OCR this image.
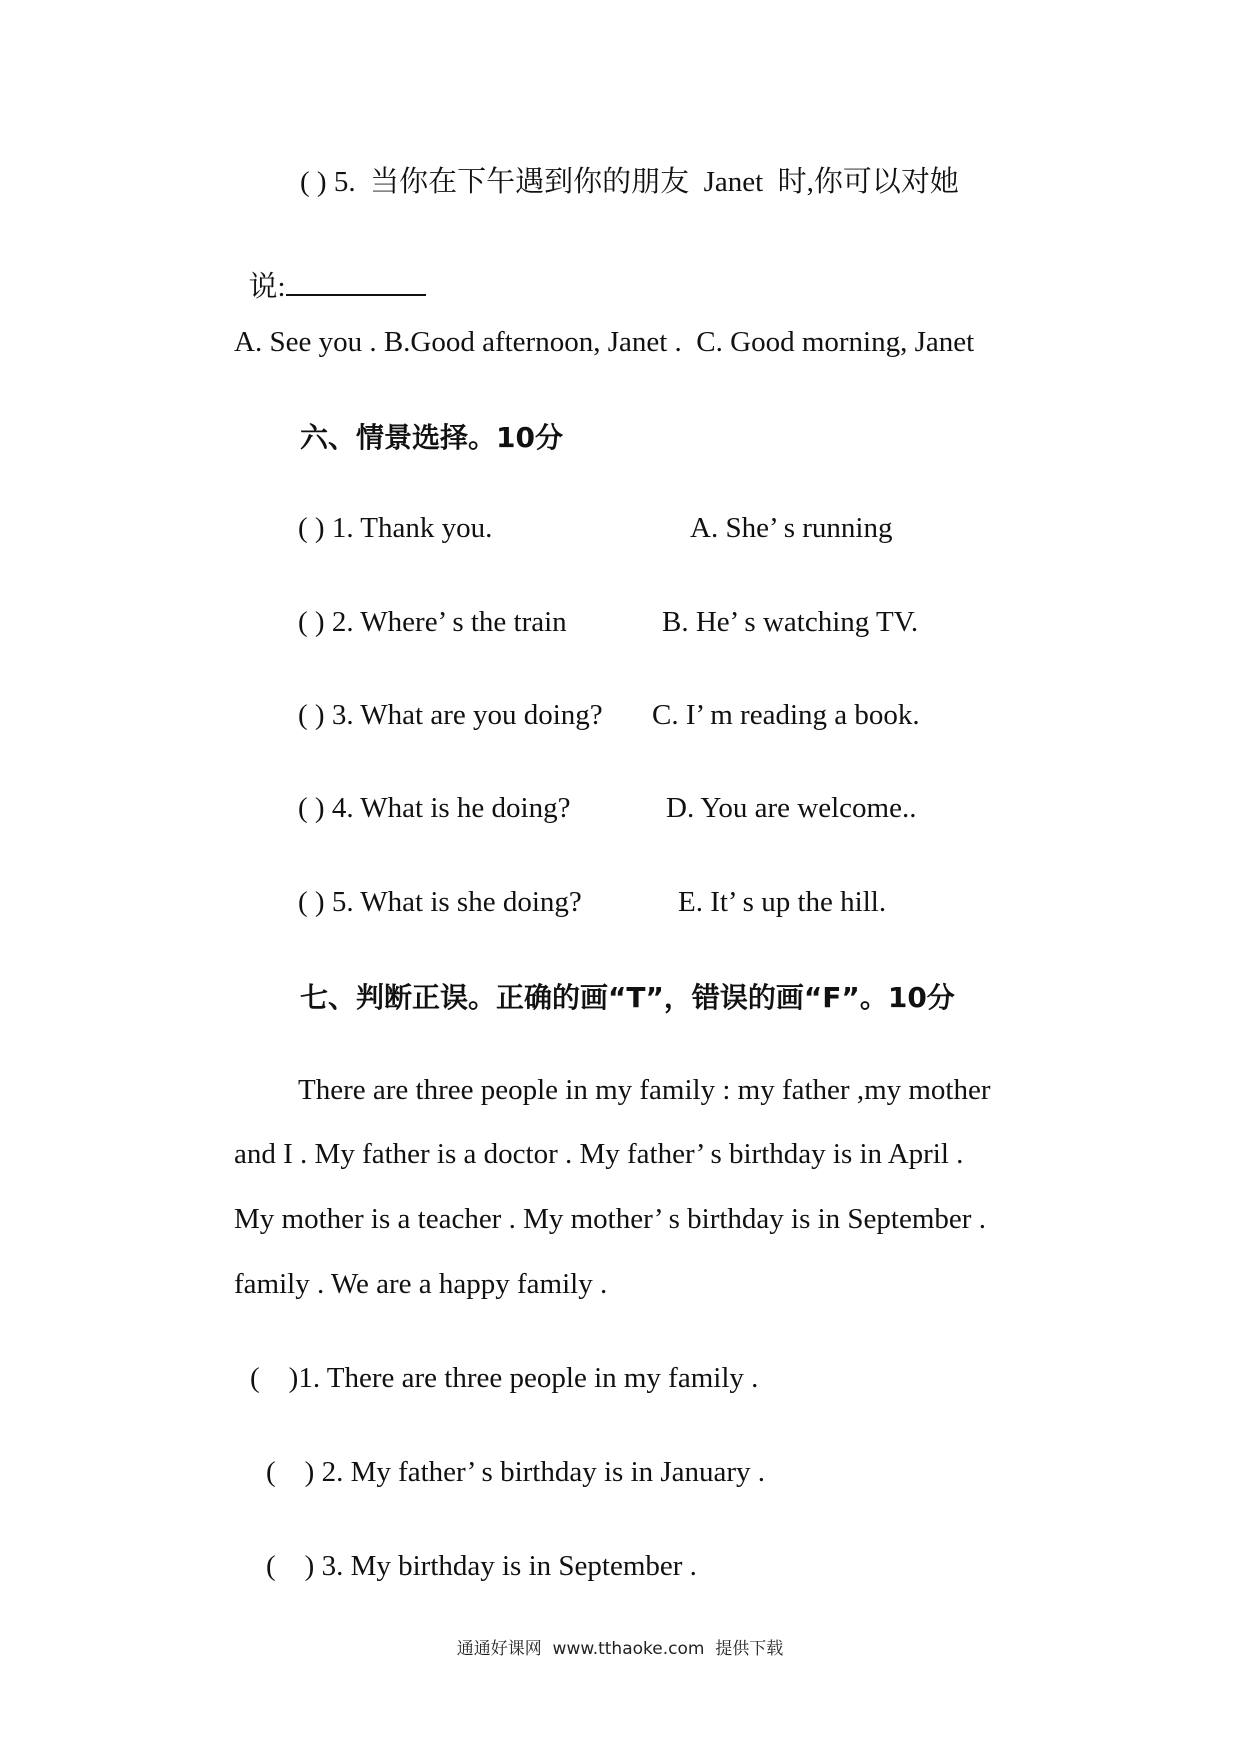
( ) 5.  当你在下午遇到你的朋友  Janet  时,你可以对她

说:

A. See you . B.Good afternoon, Janet .  C. Good morning, Janet
六、情景选择。10分
( ) 1. Thank you.	A. She’ s running
( ) 2. Where’ s the train	B. He’ s watching TV.
( ) 3. What are you doing? C. I’ m reading a book.
( ) 4. What is he doing?	D. You are welcome..
( ) 5. What is she doing?	E. It’ s up the hill.
七、判断正误。正确的画“T”，错误的画“F”。10分
There are three people in my family : my father ,my mother
and I . My father is a doctor . My father’ s birthday is in April .
My mother is a teacher . My mother’ s birthday is in September .
family . We are a happy family .
(    )1. There are three people in my family .
(    ) 2. My father’ s birthday is in January .
(    ) 3. My birthday is in September .
通通好课网  www.tthaoke.com  提供下载
